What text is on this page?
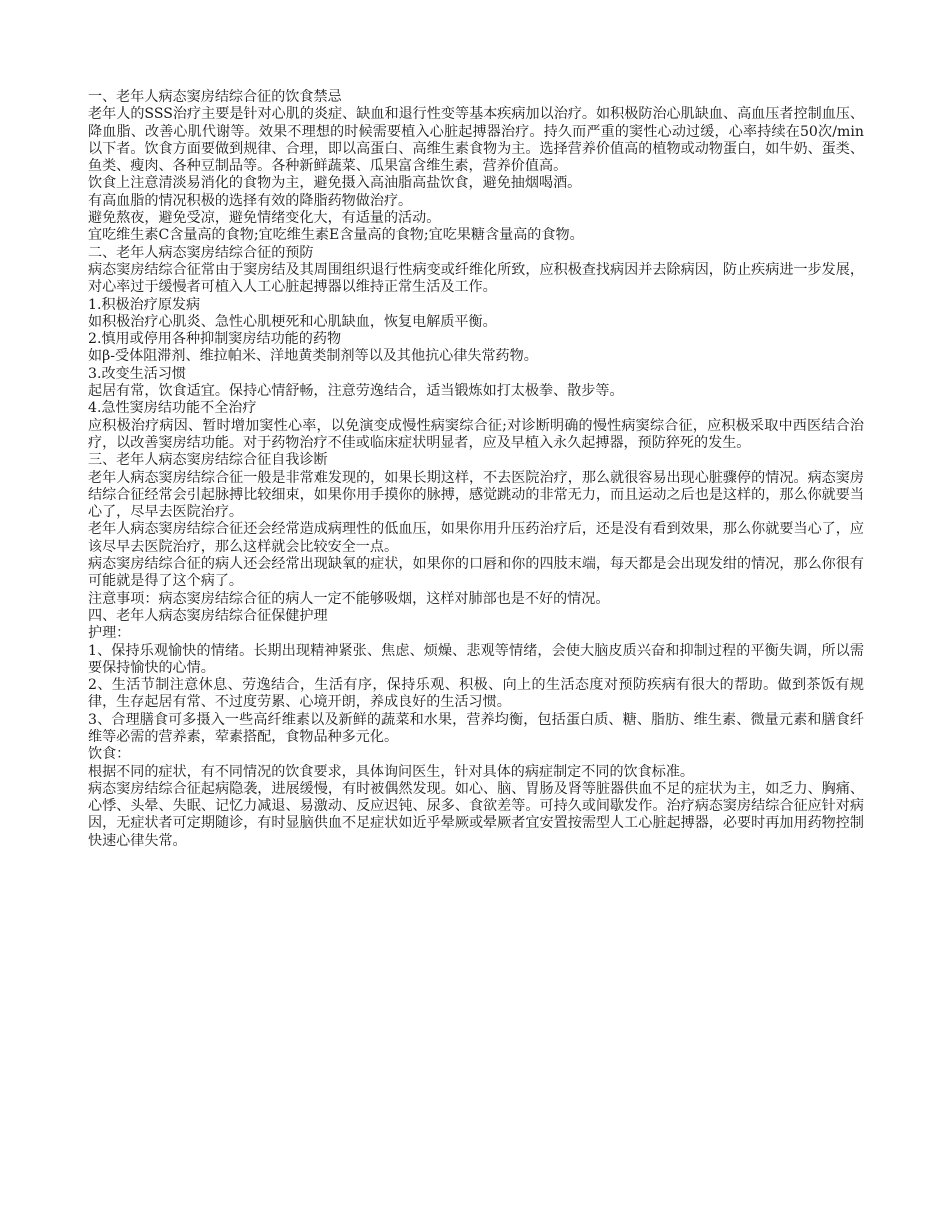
一、老年人病态窦房结综合征的饮食禁忌

老年人的SSS治疗主要是针对心肌的炎症、缺血和退行性变等基本疾病加以治疗。如积极防治心肌缺血、高血压者控制血压、降血脂、改善心肌代谢等。效果不理想的时候需要植入心脏起搏器治疗。持久而严重的窦性心动过缓，心率持续在50次/min以下者。饮食方面要做到规律、合理，即以高蛋白、高维生素食物为主。选择营养价值高的植物或动物蛋白，如牛奶、蛋类、鱼类、瘦肉、各种豆制品等。各种新鲜蔬菜、瓜果富含维生素，营养价值高。

饮食上注意清淡易消化的食物为主，避免摄入高油脂高盐饮食，避免抽烟喝酒。

有高血脂的情况积极的选择有效的降脂药物做治疗。

避免熬夜，避免受凉，避免情绪变化大，有适量的活动。

宜吃维生素C含量高的食物;宜吃维生素E含量高的食物;宜吃果糖含量高的食物。

二、老年人病态窦房结综合征的预防

病态窦房结综合征常由于窦房结及其周围组织退行性病变或纤维化所致，应积极查找病因并去除病因，防止疾病进一步发展，对心率过于缓慢者可植入人工心脏起搏器以维持正常生活及工作。

1.积极治疗原发病

如积极治疗心肌炎、急性心肌梗死和心肌缺血，恢复电解质平衡。

2.慎用或停用各种抑制窦房结功能的药物

如β-受体阻滞剂、维拉帕米、洋地黄类制剂等以及其他抗心律失常药物。

3.改变生活习惯

起居有常，饮食适宜。保持心情舒畅，注意劳逸结合，适当锻炼如打太极拳、散步等。

4.急性窦房结功能不全治疗

应积极治疗病因、暂时增加窦性心率，以免演变成慢性病窦综合征;对诊断明确的慢性病窦综合征，应积极采取中西医结合治疗，以改善窦房结功能。对于药物治疗不佳或临床症状明显者，应及早植入永久起搏器，预防猝死的发生。

三、老年人病态窦房结综合征自我诊断

老年人病态窦房结综合征一般是非常难发现的，如果长期这样，不去医院治疗，那么就很容易出现心脏骤停的情况。病态窦房结综合征经常会引起脉搏比较细束，如果你用手摸你的脉搏，感觉跳动的非常无力，而且运动之后也是这样的，那么你就要当心了，尽早去医院治疗。

老年人病态窦房结综合征还会经常造成病理性的低血压，如果你用升压药治疗后，还是没有看到效果，那么你就要当心了，应该尽早去医院治疗，那么这样就会比较安全一点。

病态窦房结综合征的病人还会经常出现缺氧的症状，如果你的口唇和你的四肢末端，每天都是会出现发绀的情况，那么你很有可能就是得了这个病了。

注意事项：病态窦房结综合征的病人一定不能够吸烟，这样对肺部也是不好的情况。

四、老年人病态窦房结综合征保健护理

护理：

1、保持乐观愉快的情绪。长期出现精神紧张、焦虑、烦燥、悲观等情绪，会使大脑皮质兴奋和抑制过程的平衡失调，所以需要保持愉快的心情。

2、生活节制注意休息、劳逸结合，生活有序，保持乐观、积极、向上的生活态度对预防疾病有很大的帮助。做到茶饭有规律，生存起居有常、不过度劳累、心境开朗，养成良好的生活习惯。

3、合理膳食可多摄入一些高纤维素以及新鲜的蔬菜和水果，营养均衡，包括蛋白质、糖、脂肪、维生素、微量元素和膳食纤维等必需的营养素，荤素搭配，食物品种多元化。

饮食：

根据不同的症状，有不同情况的饮食要求，具体询问医生，针对具体的病症制定不同的饮食标准。

病态窦房结综合征起病隐袭，进展缓慢，有时被偶然发现。如心、脑、胃肠及肾等脏器供血不足的症状为主，如乏力、胸痛、心悸、头晕、失眠、记忆力减退、易激动、反应迟钝、尿多、食欲差等。可持久或间歇发作。治疗病态窦房结综合征应针对病因，无症状者可定期随诊，有时显脑供血不足症状如近乎晕厥或晕厥者宜安置按需型人工心脏起搏器，必要时再加用药物控制快速心律失常。
